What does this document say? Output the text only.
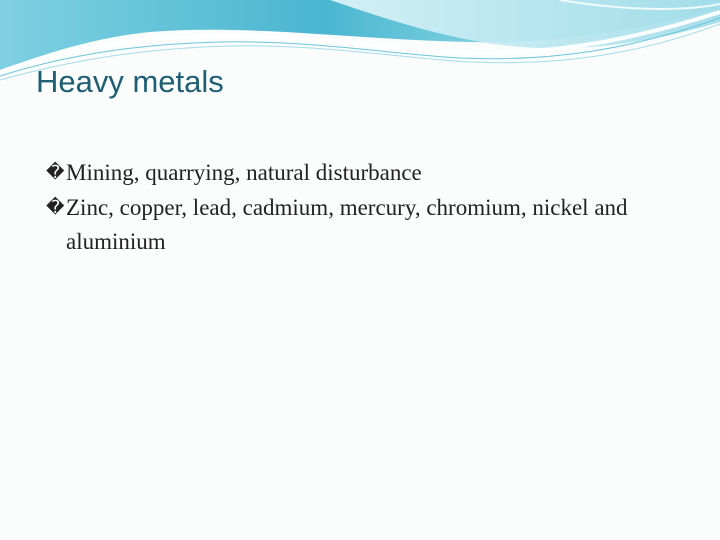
Heavy metals
� Mining, quarrying, natural disturbance
� Zinc, copper, lead, cadmium, mercury, chromium, nickel and aluminium
